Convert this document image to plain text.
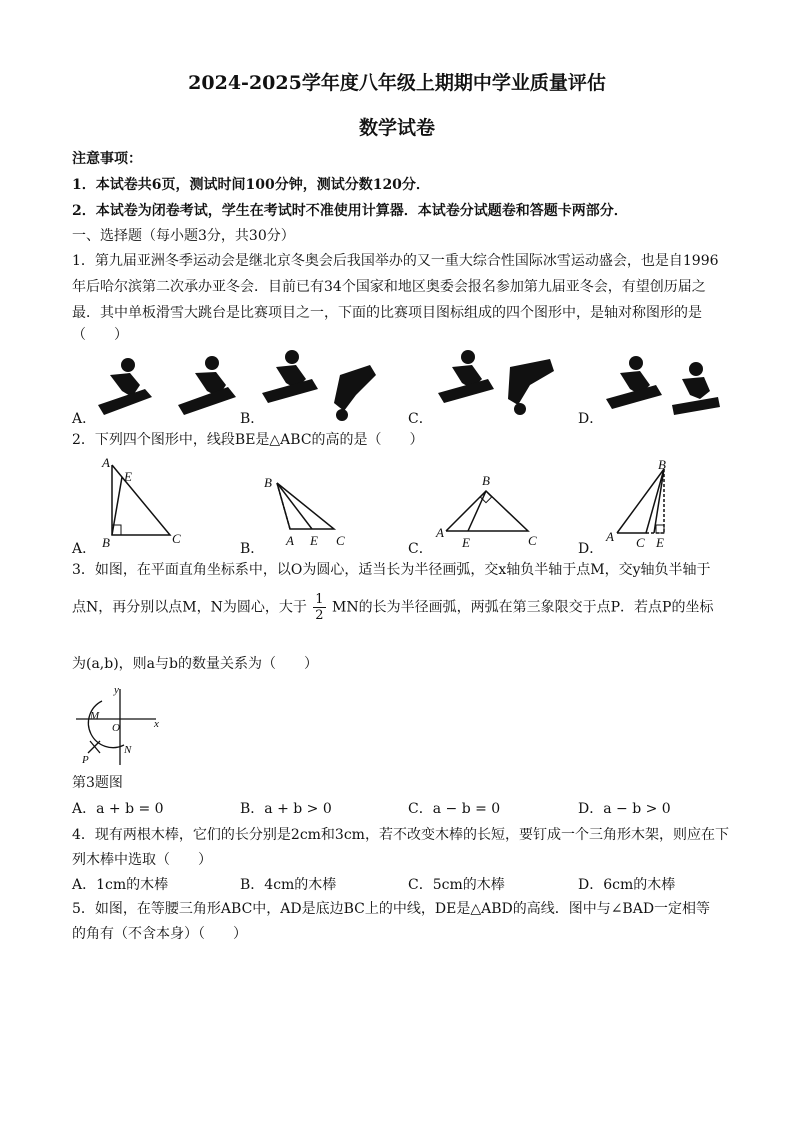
2024-2025学年度八年级上期期中学业质量评估
数学试卷
注意事项：
1．本试卷共6页，测试时间100分钟，测试分数120分．
2．本试卷为闭卷考试，学生在考试时不准使用计算器．本试卷分试题卷和答题卡两部分．
一、选择题（每小题3分，共30分）
1．第九届亚洲冬季运动会是继北京冬奥会后我国举办的又一重大综合性国际冰雪运动盛会，也是自1996
年后哈尔滨第二次承办亚冬会．目前已有34个国家和地区奥委会报名参加第九届亚冬会，有望创历届之
最．其中单板滑雪大跳台是比赛项目之一，下面的比赛项目图标组成的四个图形中，是轴对称图形的是
（　　）
A．	B．	C．	D．
2．下列四个图形中，线段BE是△ABC的高的是（　　）
A
E
B	C
B
A E C
B
A
E	C
B
A C E
A．	B．	C．	D．
3．如图，在平面直角坐标系中，以O为圆心，适当长为半径画弧，交x轴负半轴于点M，交y轴负半轴于
点N，再分别以点M，N为圆心，大于 $\frac{1}{2}$ MN的长为半径画弧，两弧在第三象限交于点P．若点P的坐标
为(a,b)，则a与b的数量关系为（　　）
y
x
M
O
N
P
第3题图
A．a + b = 0	B．a + b > 0	C．a − b = 0	D．a − b > 0
4．现有两根木棒，它们的长分别是2cm和3cm，若不改变木棒的长短，要钉成一个三角形木架，则应在下
列木棒中选取（　　）
A．1cm的木棒	B．4cm的木棒	C．5cm的木棒	D．6cm的木棒
5．如图，在等腰三角形ABC中，AD是底边BC上的中线，DE是△ABD的高线．图中与∠BAD一定相等
的角有（不含本身）（　　）
